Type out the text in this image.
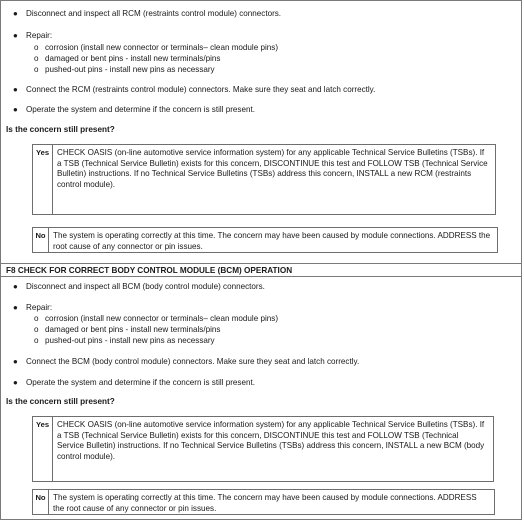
● Disconnect and inspect all RCM (restraints control module) connectors.
● Repair:
o corrosion (install new connector or terminals– clean module pins)
o damaged or bent pins - install new terminals/pins
o pushed-out pins - install new pins as necessary
● Connect the RCM (restraints control module) connectors. Make sure they seat and latch correctly.
● Operate the system and determine if the concern is still present.
Is the concern still present?
Yes CHECK OASIS (on-line automotive service information system) for any applicable Technical Service Bulletins (TSBs). If a TSB (Technical Service Bulletin) exists for this concern, DISCONTINUE this test and FOLLOW TSB (Technical Service Bulletin) instructions. If no Technical Service Bulletins (TSBs) address this concern, INSTALL a new RCM (restraints control module).
No The system is operating correctly at this time. The concern may have been caused by module connections. ADDRESS the root cause of any connector or pin issues.
F8 CHECK FOR CORRECT BODY CONTROL MODULE (BCM) OPERATION
● Disconnect and inspect all BCM (body control module) connectors.
● Repair:
o corrosion (install new connector or terminals– clean module pins)
o damaged or bent pins - install new terminals/pins
o pushed-out pins - install new pins as necessary
● Connect the BCM (body control module) connectors. Make sure they seat and latch correctly.
● Operate the system and determine if the concern is still present.
Is the concern still present?
Yes CHECK OASIS (on-line automotive service information system) for any applicable Technical Service Bulletins (TSBs). If a TSB (Technical Service Bulletin) exists for this concern, DISCONTINUE this test and FOLLOW TSB (Technical Service Bulletin) instructions. If no Technical Service Bulletins (TSBs) address this concern, INSTALL a new BCM (body control module).
No The system is operating correctly at this time. The concern may have been caused by module connections. ADDRESS the root cause of any connector or pin issues.
